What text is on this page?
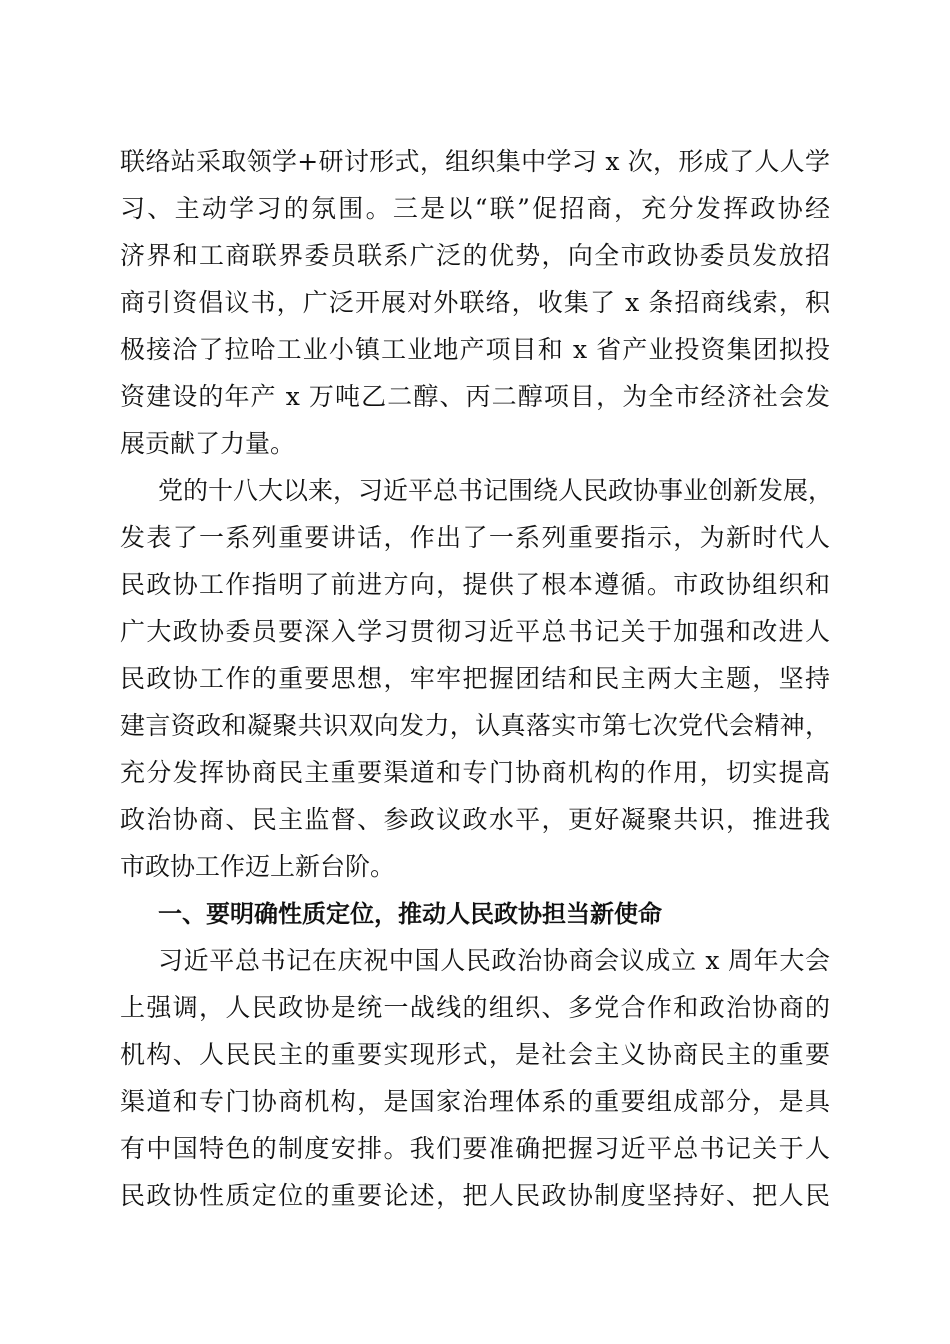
联络站采取领学+研讨形式，组织集中学习 x 次，形成了人人学
习、主动学习的氛围。三是以“联”促招商，充分发挥政协经
济界和工商联界委员联系广泛的优势，向全市政协委员发放招
商引资倡议书，广泛开展对外联络，收集了 x 条招商线索，积
极接洽了拉哈工业小镇工业地产项目和 x 省产业投资集团拟投
资建设的年产 x 万吨乙二醇、丙二醇项目，为全市经济社会发
展贡献了力量。
党的十八大以来，习近平总书记围绕人民政协事业创新发展，
发表了一系列重要讲话，作出了一系列重要指示，为新时代人
民政协工作指明了前进方向，提供了根本遵循。市政协组织和
广大政协委员要深入学习贯彻习近平总书记关于加强和改进人
民政协工作的重要思想，牢牢把握团结和民主两大主题，坚持
建言资政和凝聚共识双向发力，认真落实市第七次党代会精神，
充分发挥协商民主重要渠道和专门协商机构的作用，切实提高
政治协商、民主监督、参政议政水平，更好凝聚共识，推进我
市政协工作迈上新台阶。
一、要明确性质定位，推动人民政协担当新使命
习近平总书记在庆祝中国人民政治协商会议成立 x 周年大会
上强调，人民政协是统一战线的组织、多党合作和政治协商的
机构、人民民主的重要实现形式，是社会主义协商民主的重要
渠道和专门协商机构，是国家治理体系的重要组成部分，是具
有中国特色的制度安排。我们要准确把握习近平总书记关于人
民政协性质定位的重要论述，把人民政协制度坚持好、把人民
